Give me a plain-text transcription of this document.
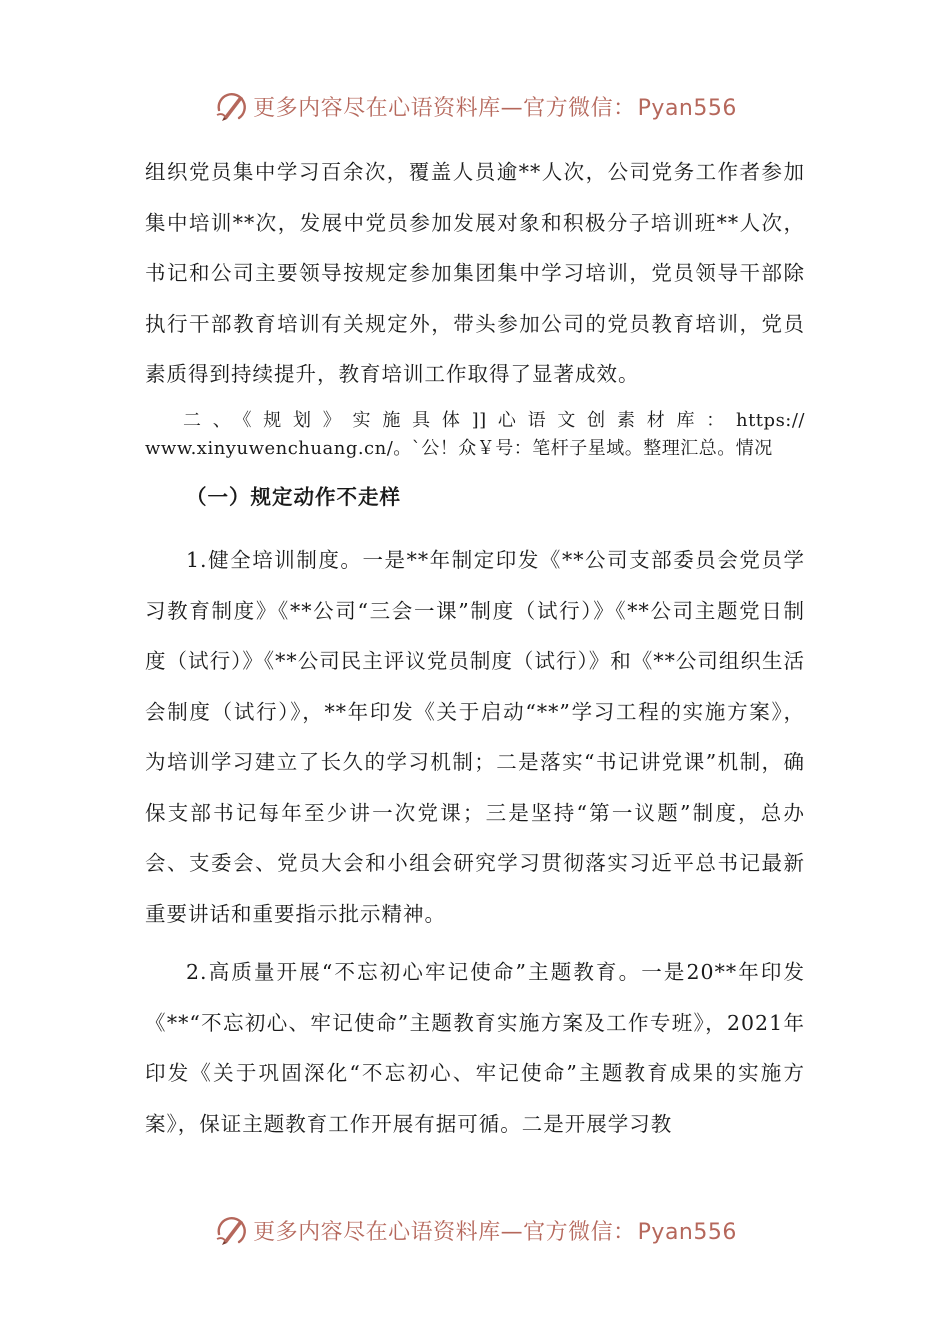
更多内容尽在心语资料库—官方微信：Pyan556

组织党员集中学习百余次，覆盖人员逾**人次，公司党务工作者参加集中培训**次，发展中党员参加发展对象和积极分子培训班**人次，书记和公司主要领导按规定参加集团集中学习培训，党员领导干部除执行干部教育培训有关规定外，带头参加公司的党员教育培训，党员素质得到持续提升，教育培训工作取得了显著成效。

二、《规划》实施具体]]心语文创素材库：https://
www.xinyuwenchuang.cn/。`公！众￥号：笔杆子星域。整理汇总。情况

（一）规定动作不走样

1.健全培训制度。一是**年制定印发《**公司支部委员会党员学习教育制度》《**公司“三会一课”制度（试行）》《**公司主题党日制度（试行）》《**公司民主评议党员制度（试行）》和《**公司组织生活会制度（试行）》，**年印发《关于启动“**”学习工程的实施方案》，为培训学习建立了长久的学习机制；二是落实“书记讲党课”机制，确保支部书记每年至少讲一次党课；三是坚持“第一议题”制度，总办会、支委会、党员大会和小组会研究学习贯彻落实习近平总书记最新重要讲话和重要指示批示精神。

2.高质量开展“不忘初心牢记使命”主题教育。一是20**年印发《**“不忘初心、牢记使命”主题教育实施方案及工作专班》，2021年印发《关于巩固深化“不忘初心、牢记使命”主题教育成果的实施方案》，保证主题教育工作开展有据可循。二是开展学习教

更多内容尽在心语资料库—官方微信：Pyan556
